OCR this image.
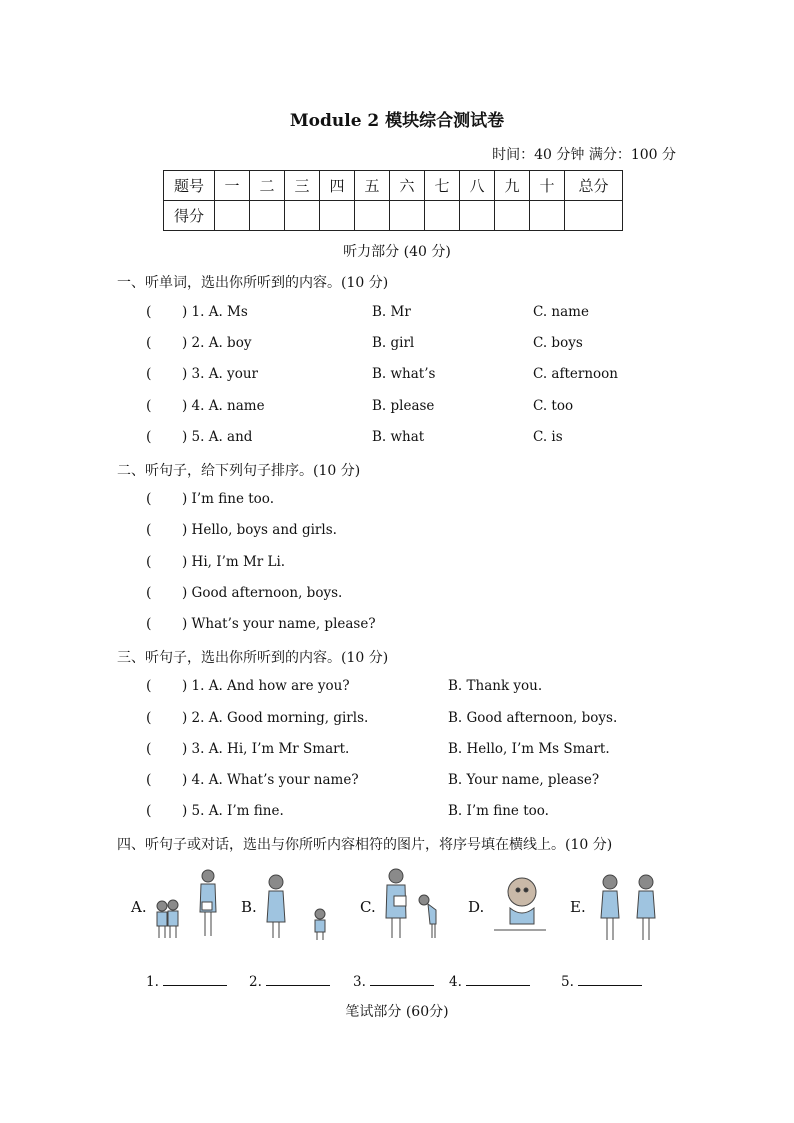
Module 2 模块综合测试卷
时间：40 分钟 满分：100 分
题号	一	二	三	四	五	六	七	八	九	十	总分
得分											
听力部分 (40 分)
一、听单词，选出你所听到的内容。(10 分)
( ) 1. A. Ms	B. Mr	C. name
( ) 2. A. boy	B. girl	C. boys
( ) 3. A. your	B. what’s	C. afternoon
( ) 4. A. name	B. please	C. too
( ) 5. A. and	B. what	C. is
二、听句子，给下列句子排序。(10 分)
( ) I’m fine too.
( ) Hello, boys and girls.
( ) Hi, I’m Mr Li.
( ) Good afternoon, boys.
( ) What’s your name, please?
三、听句子，选出你所听到的内容。(10 分)
( ) 1. A. And how are you?	B. Thank you.
( ) 2. A. Good morning, girls.	B. Good afternoon, boys.
( ) 3. A. Hi, I’m Mr Smart.	B. Hello, I’m Ms Smart.
( ) 4. A. What’s your name?	B. Your name, please?
( ) 5. A. I’m fine.	B. I’m fine too.
四、听句子或对话，选出与你所听内容相符的图片，将序号填在横线上。(10 分)
A.	B.	C.	D.	E.
1.	2.	3.	4.	5.
笔试部分 (60分)
